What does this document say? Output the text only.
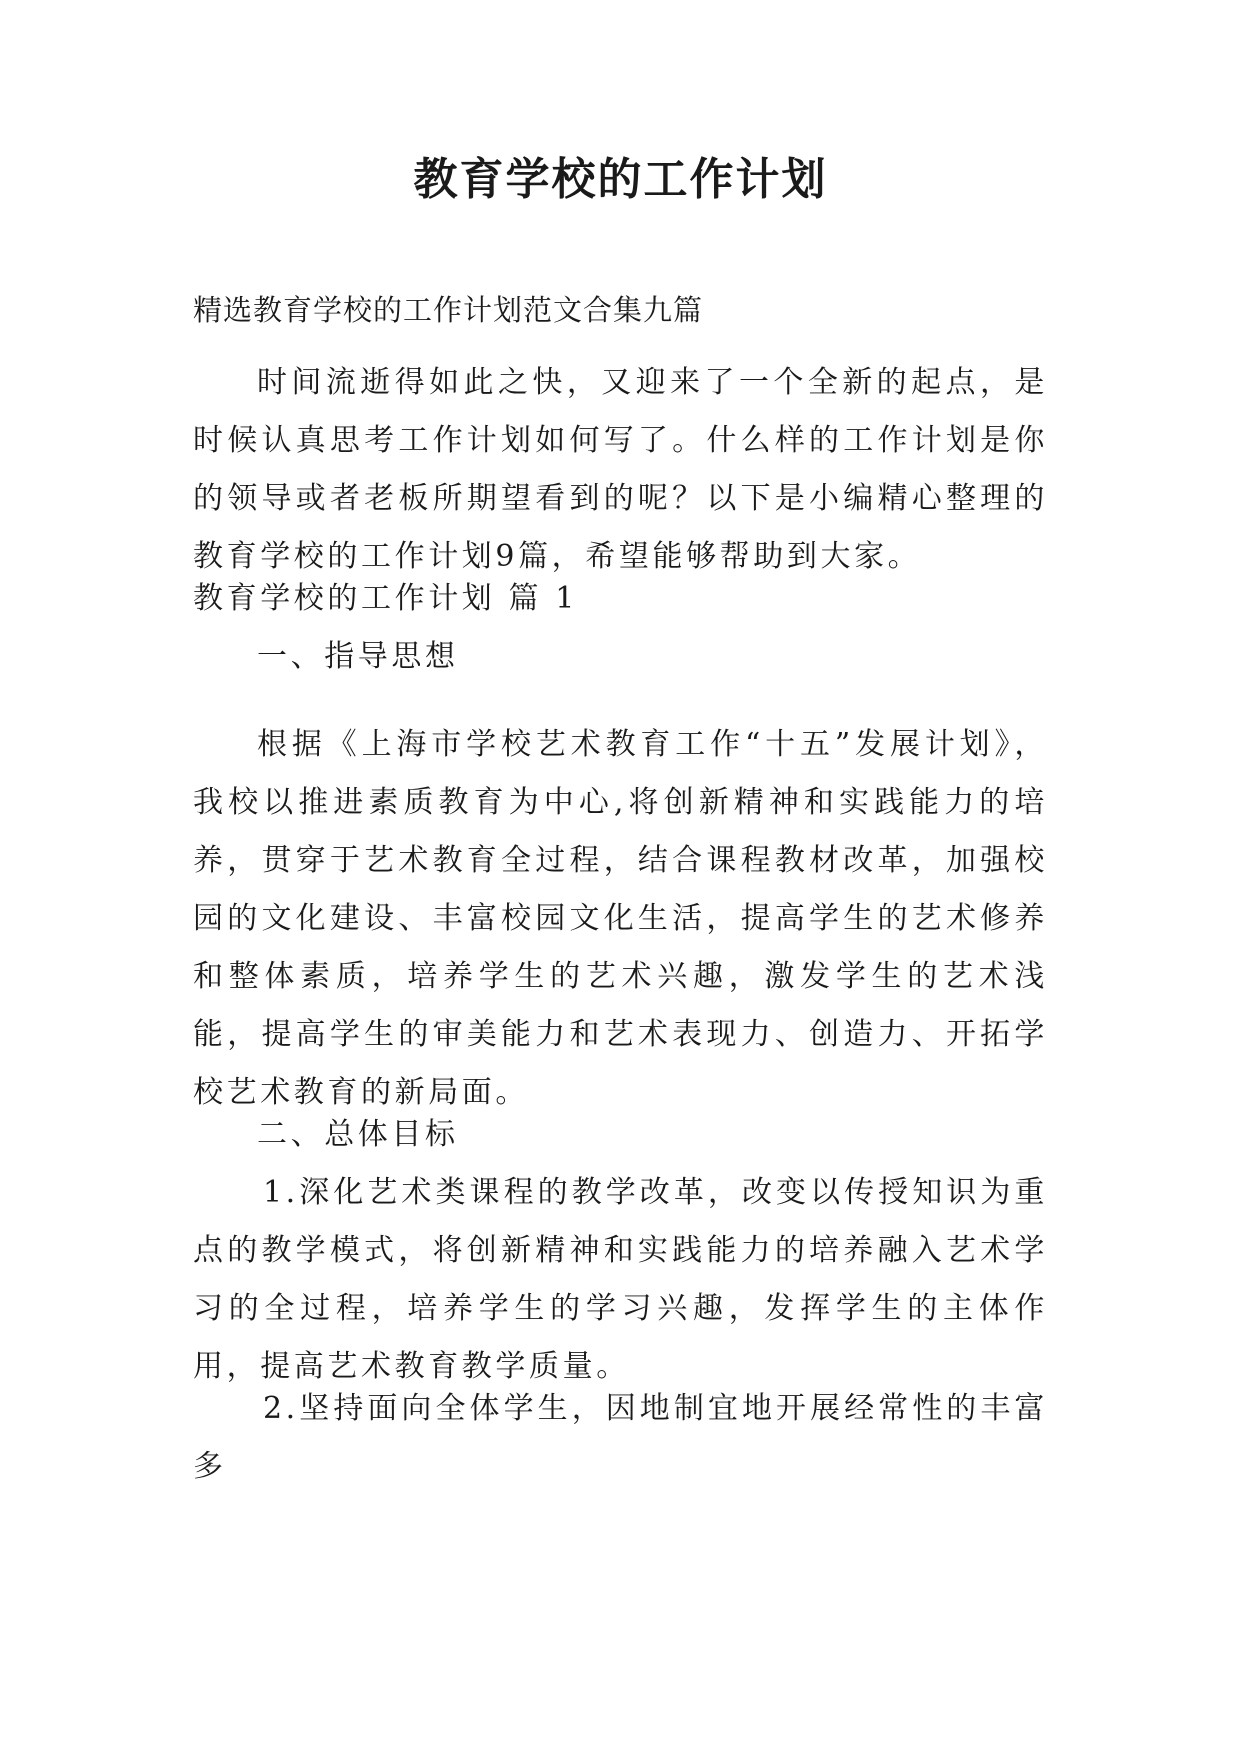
教育学校的工作计划
精选教育学校的工作计划范文合集九篇

时间流逝得如此之快，又迎来了一个全新的起点，是时候认真思考工作计划如何写了。什么样的工作计划是你的领导或者老板所期望看到的呢？以下是小编精心整理的教育学校的工作计划9篇，希望能够帮助到大家。

教育学校的工作计划 篇 1
一、指导思想

根据《上海市学校艺术教育工作“十五”发展计划》，我校以推进素质教育为中心,将创新精神和实践能力的培养，贯穿于艺术教育全过程，结合课程教材改革，加强校园的文化建设、丰富校园文化生活，提高学生的艺术修养和整体素质，培养学生的艺术兴趣，激发学生的艺术浅能，提高学生的审美能力和艺术表现力、创造力、开拓学校艺术教育的新局面。

二、总体目标

1.深化艺术类课程的教学改革，改变以传授知识为重点的教学模式，将创新精神和实践能力的培养融入艺术学习的全过程，培养学生的学习兴趣，发挥学生的主体作用，提高艺术教育教学质量。

2.坚持面向全体学生，因地制宜地开展经常性的丰富多
